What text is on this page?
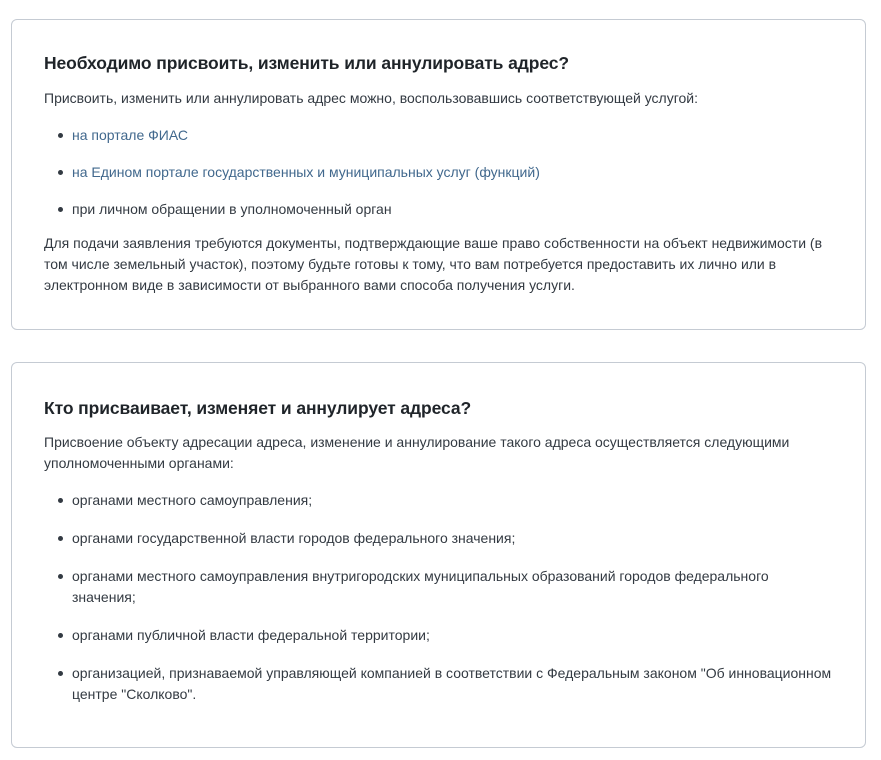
Необходимо присвоить, изменить или аннулировать адрес?

Присвоить, изменить или аннулировать адрес можно, воспользовавшись соответствующей услугой:

на портале ФИАС
на Едином портале государственных и муниципальных услуг (функций)
при личном обращении в уполномоченный орган

Для подачи заявления требуются документы, подтверждающие ваше право собственности на объект недвижимости (в том числе земельный участок), поэтому будьте готовы к тому, что вам потребуется предоставить их лично или в электронном виде в зависимости от выбранного вами способа получения услуги.

Кто присваивает, изменяет и аннулирует адреса?

Присвоение объекту адресации адреса, изменение и аннулирование такого адреса осуществляется следующими уполномоченными органами:

органами местного самоуправления;
органами государственной власти городов федерального значения;
органами местного самоуправления внутригородских муниципальных образований городов федерального значения;
органами публичной власти федеральной территории;
организацией, признаваемой управляющей компанией в соответствии с Федеральным законом "Об инновационном центре "Сколково".
